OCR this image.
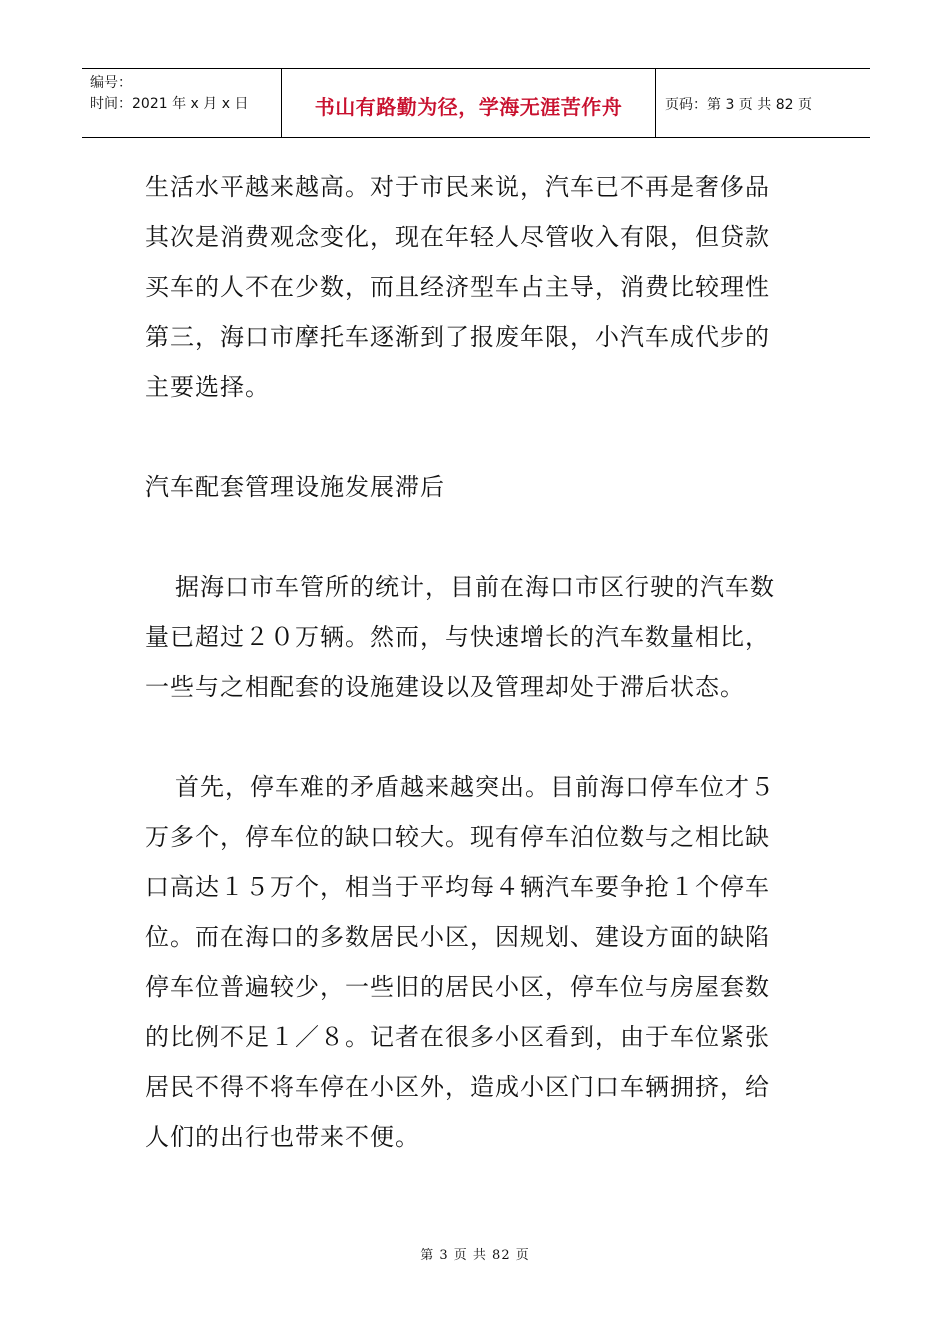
编号：
时间：2021 年 x 月 x 日	书山有路勤为径，学海无涯苦作舟	页码：第 3 页 共 82 页

生活水平越来越高。对于市民来说，汽车已不再是奢侈品

其次是消费观念变化，现在年轻人尽管收入有限，但贷款

买车的人不在少数，而且经济型车占主导，消费比较理性

第三，海口市摩托车逐渐到了报废年限，小汽车成代步的

主要选择。

汽车配套管理设施发展滞后

据海口市车管所的统计，目前在海口市区行驶的汽车数

量已超过２０万辆。然而，与快速增长的汽车数量相比，

一些与之相配套的设施建设以及管理却处于滞后状态。

首先，停车难的矛盾越来越突出。目前海口停车位才５

万多个，停车位的缺口较大。现有停车泊位数与之相比缺

口高达１５万个，相当于平均每４辆汽车要争抢１个停车

位。而在海口的多数居民小区，因规划、建设方面的缺陷

停车位普遍较少，一些旧的居民小区，停车位与房屋套数

的比例不足１／８。记者在很多小区看到，由于车位紧张

居民不得不将车停在小区外，造成小区门口车辆拥挤，给

人们的出行也带来不便。

第 3 页 共 82 页
